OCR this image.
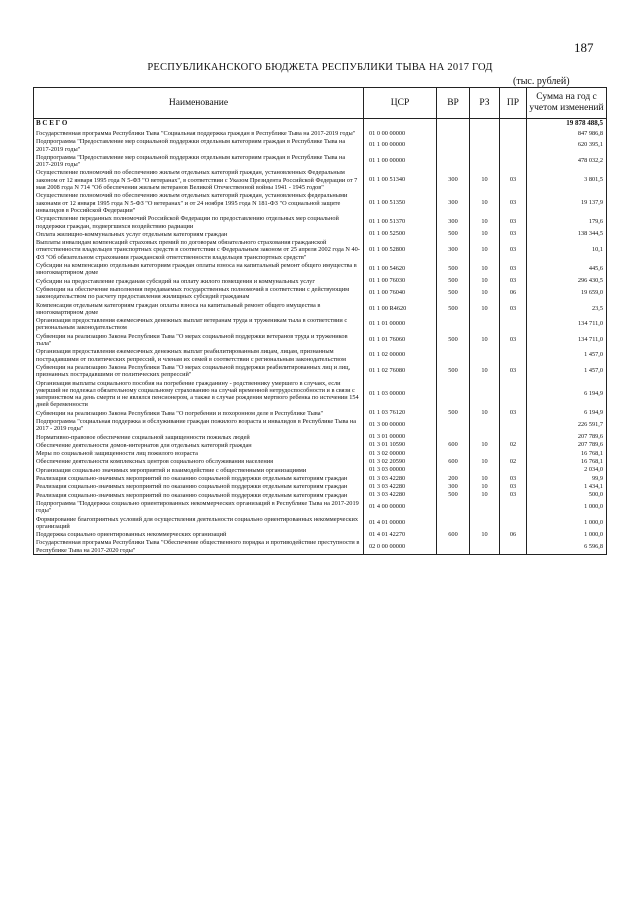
187
РЕСПУБЛИКАНСКОГО БЮДЖЕТА РЕСПУБЛИКИ ТЫВА НА 2017 ГОД
(тыс. рублей)
Наименование	ЦСР	ВР	РЗ	ПР	Сумма на год с учетом изменений
В С Е Г О					19 878 488,5
Государственная программа Республики Тыва "Социальная поддержка граждан в Республике Тыва на 2017-2019 годы"	01 0 00 00000				847 986,8
Подпрограмма "Предоставление мер социальной поддержки отдельным категориям граждан в Республике Тыва на 2017-2019 годы"	01 1 00 00000				620 395,1
Подпрограмма "Предоставление мер социальной поддержки отдельным категориям граждан в Республике Тыва на 2017-2019 годы"	01 1 00 00000				478 032,2
Осуществление полномочий по обеспечению жильем отдельных категорий граждан, установленных Федеральным законом от 12 января 1995 года N 5-ФЗ "О ветеранах", в соответствии с Указом Президента Российской Федерации от 7 мая 2008 года N 714 "Об обеспечении жильем ветеранов Великой Отечественной войны 1941 - 1945 годов"	01 1 00 51340	300	10	03	3 801,5
Осуществление полномочий по обеспечению жильем отдельных категорий граждан, установленных федеральными законами от 12 января 1995 года N 5-ФЗ "О ветеранах" и от 24 ноября 1995 года N 181-ФЗ "О социальной защите инвалидов в Российской Федерации"	01 1 00 51350	300	10	03	19 137,9
Осуществление переданных полномочий Российской Федерации по предоставлению отдельных мер социальной поддержки граждан, подвергшихся воздействию радиации	01 1 00 51370	300	10	03	179,6
Оплата жилищно-коммунальных услуг отдельным категориям граждан	01 1 00 52500	500	10	03	138 344,5
Выплаты инвалидам компенсаций страховых премий по договорам обязательного страхования гражданской ответственности владельцев транспортных средств в соответствии с Федеральным законом от 25 апреля 2002 года N 40-ФЗ "Об обязательном страховании гражданской ответственности владельцев транспортных средств"	01 1 00 52800	300	10	03	10,1
Субсидии на компенсацию отдельным категориям граждан оплаты взноса на капитальный ремонт общего имущества в многоквартирном доме	01 1 00 54620	500	10	03	445,6
Субсидии на предоставление гражданам субсидий на оплату жилого помещения и коммунальных услуг	01 1 00 76030	500	10	03	296 430,5
Субвенции на обеспечение выполнения передаваемых государственных полномочий в соответствии с действующим законодательством по расчету предоставления жилищных субсидий гражданам	01 1 00 76040	500	10	06	19 659,0
Компенсация отдельным категориям граждан оплаты взноса на капитальный ремонт общего имущества в многоквартирном доме	01 1 00 R4620	500	10	03	23,5
Организация предоставления ежемесячных денежных выплат ветеранам труда и труженикам тыла в соответствии с региональным законодательством	01 1 01 00000				134 711,0
Субвенции на реализацию Закона Республики Тыва "О мерах социальной поддержки ветеранов труда и тружеников тыла"	01 1 01 76060	500	10	03	134 711,0
Организация предоставления ежемесячных денежных выплат реабилитированным лицам, лицам, признанным пострадавшими от политических репрессий, и членам их семей в соответствии с региональным законодательством	01 1 02 00000				1 457,0
Субвенции на реализацию Закона Республики Тыва "О мерах социальной поддержки реабилитированных лиц и лиц, признанных пострадавшими от политических репрессий"	01 1 02 76080	500	10	03	1 457,0
Организация выплаты социального пособия на погребение гражданину - родственнику умершего в случаях, если умерший не подлежал обязательному социальному страхованию на случай временной нетрудоспособности и в связи с материнством на день смерти и не являлся пенсионером, а также в случае рождения мертвого ребенка по истечении 154 дней беременности	01 1 03 00000				6 194,9
Субвенции на реализацию Закона Республики Тыва "О погребении и похоронном деле в Республике Тыва"	01 1 03 76120	500	10	03	6 194,9
Подпрограмма "социальная поддержка и обслуживание граждан пожилого возраста и инвалидов в Республике Тыва на 2017 - 2019 годы"	01 3 00 00000				226 591,7
Нормативно-правовое обеспечение социальной защищенности пожилых людей	01 3 01 00000				207 789,6
Обеспечение деятельности домов-интернатов для отдельных категорий граждан	01 3 01 10590	600	10	02	207 789,6
Меры по социальной защищенности лиц пожилого возраста	01 3 02 00000				16 768,1
Обеспечение деятельности комплексных центров социального обслуживания населения	01 3 02 20590	600	10	02	16 768,1
Организация социально значимых мероприятий и взаимодействие с общественными организациями	01 3 03 00000				2 034,0
Реализация социально-значимых мероприятий по оказанию социальной поддержки отдельным категориям граждан	01 3 03 42280	200	10	03	99,9
Реализация социально-значимых мероприятий по оказанию социальной поддержки отдельным категориям граждан	01 3 03 42280	300	10	03	1 434,1
Реализация социально-значимых мероприятий по оказанию социальной поддержки отдельным категориям граждан	01 3 03 42280	500	10	03	500,0
Подпрограмма "Поддержка социально ориентированных некоммерческих организаций в Республике Тыва на 2017-2019 годы"	01 4 00 00000				1 000,0
Формирование благоприятных условий для осуществления деятельности социально ориентированных некоммерческих организаций	01 4 01 00000				1 000,0
Поддержка социально ориентированных некоммерческих организаций	01 4 01 42270	600	10	06	1 000,0
Государственная программа Республики Тыва "Обеспечение общественного порядка и противодействие преступности в Республике Тыва на 2017-2020 годы"	02 0 00 00000				6 596,8
